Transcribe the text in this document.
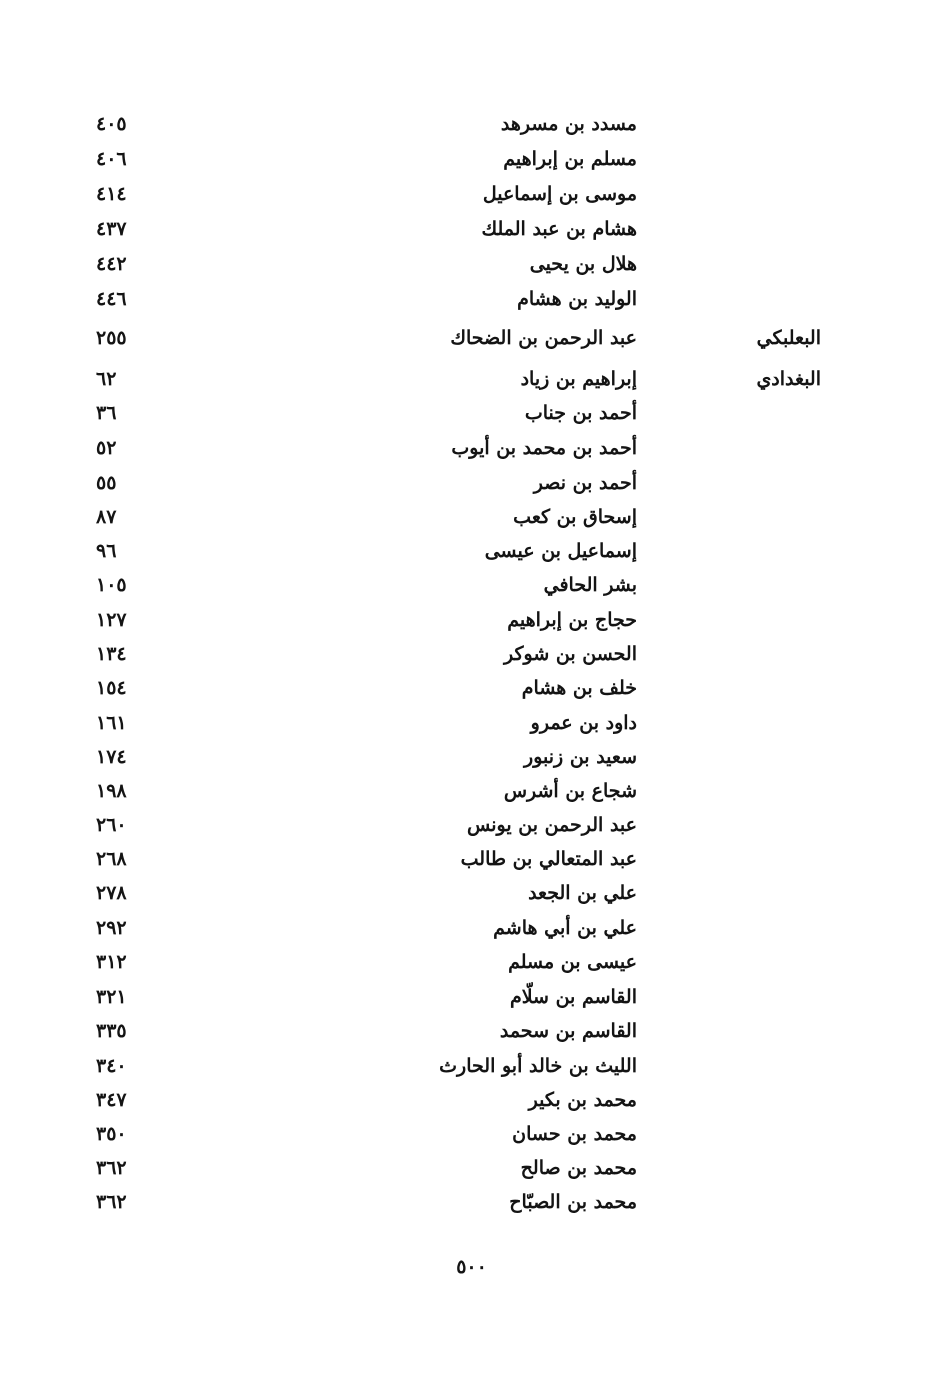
مسدد بن مسرهد
٤٠٥
مسلم بن إبراهيم
٤٠٦
موسى بن إسماعيل
٤١٤
هشام بن عبد الملك
٤٣٧
هلال بن يحيى
٤٤٢
الوليد بن هشام
٤٤٦
البعلبكي
عبد الرحمن بن الضحاك
٢٥٥
البغدادي
إبراهيم بن زياد
٦٢
أحمد بن جناب
٣٦
أحمد بن محمد بن أيوب
٥٢
أحمد بن نصر
٥٥
إسحاق بن كعب
٨٧
إسماعيل بن عيسى
٩٦
بشر الحافي
١٠٥
حجاج بن إبراهيم
١٢٧
الحسن بن شوكر
١٣٤
خلف بن هشام
١٥٤
داود بن عمرو
١٦١
سعيد بن زنبور
١٧٤
شجاع بن أشرس
١٩٨
عبد الرحمن بن يونس
٢٦٠
عبد المتعالي بن طالب
٢٦٨
علي بن الجعد
٢٧٨
علي بن أبي هاشم
٢٩٢
عيسى بن مسلم
٣١٢
القاسم بن سلّام
٣٢١
القاسم بن سحمد
٣٣٥
الليث بن خالد أبو الحارث
٣٤٠
محمد بن بكير
٣٤٧
محمد بن حسان
٣٥٠
محمد بن صالح
٣٦٢
محمد بن الصبّاح
٣٦٢
٥٠٠
